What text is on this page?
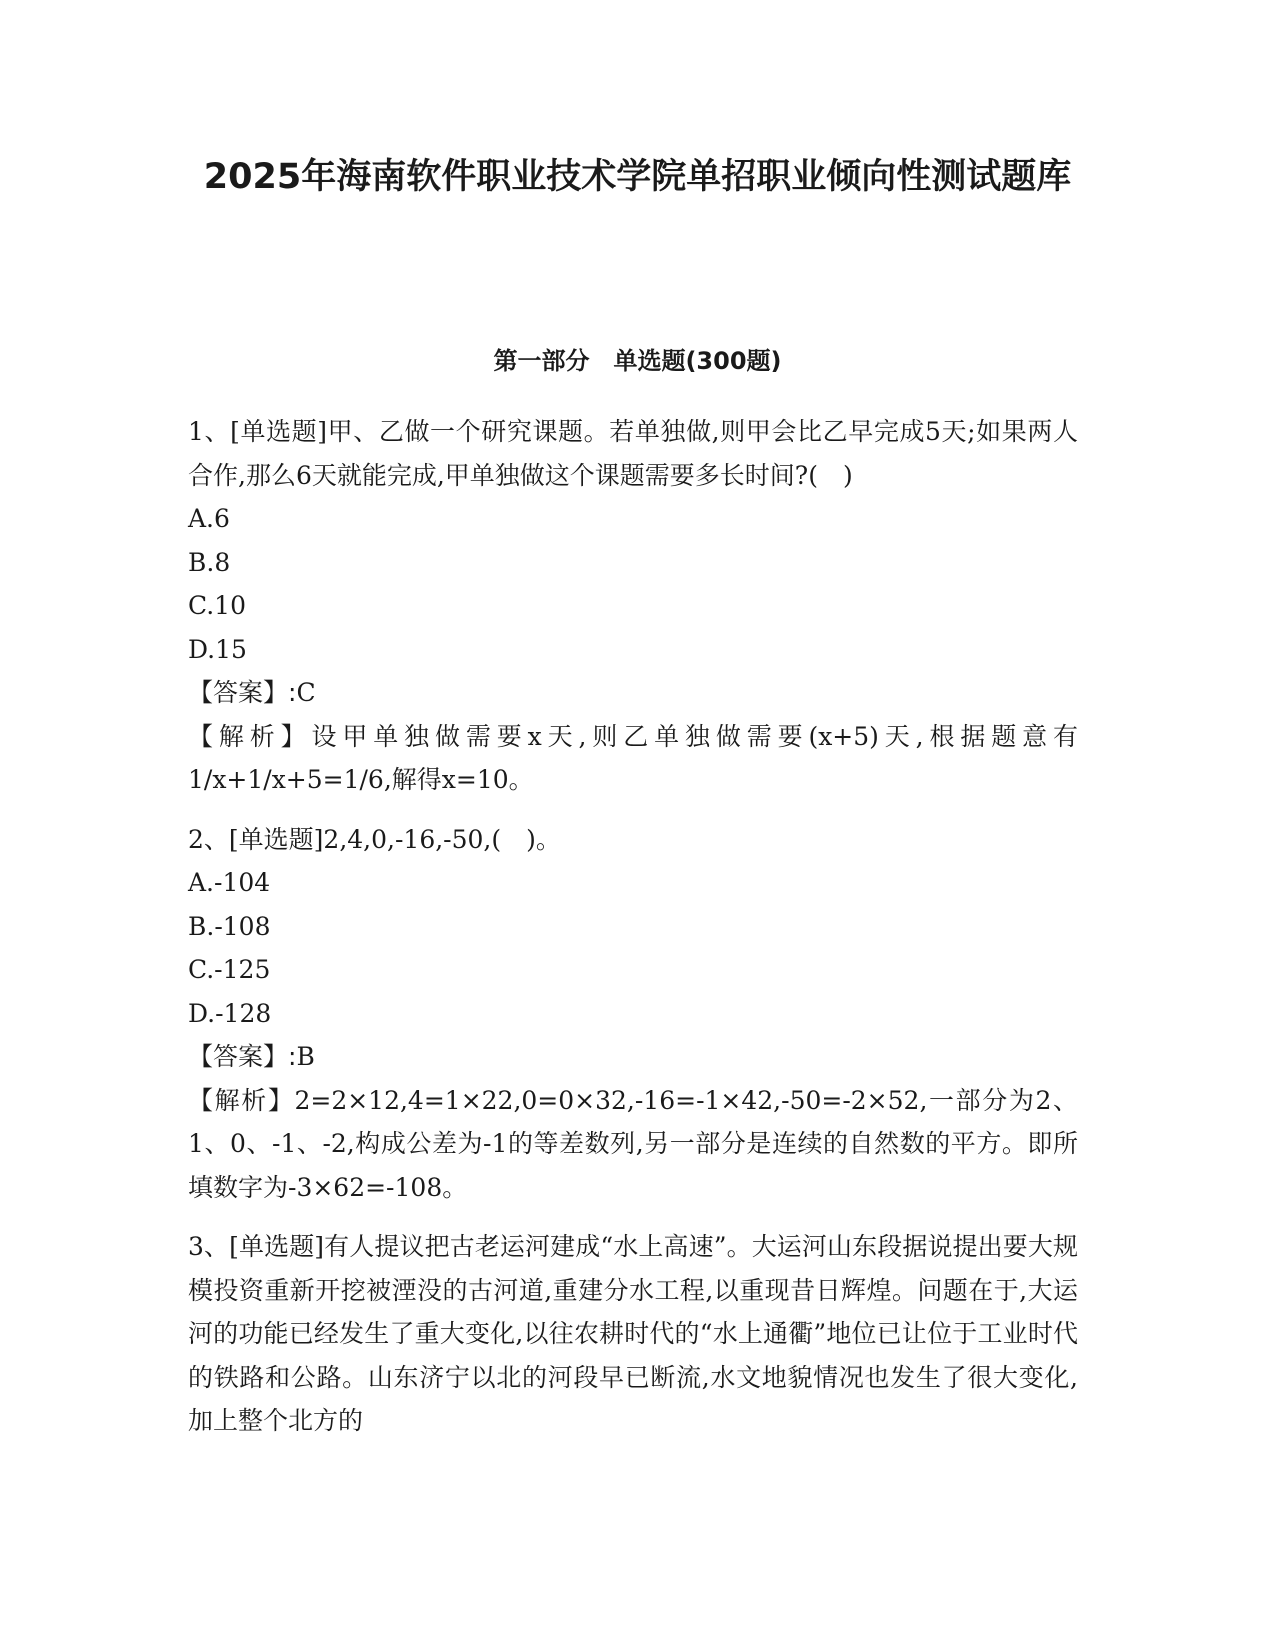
2025年海南软件职业技术学院单招职业倾向性测试题库
第一部分　单选题(300题)
1、[单选题]甲、乙做一个研究课题。若单独做,则甲会比乙早完成5天;如果两人合作,那么6天就能完成,甲单独做这个课题需要多长时间?(　)
A.6
B.8
C.10
D.15
【答案】:C
【解析】设甲单独做需要x天,则乙单独做需要(x+5)天,根据题意有1/x+1/x+5=1/6,解得x=10。
2、[单选题]2,4,0,-16,-50,(　)。
A.-104
B.-108
C.-125
D.-128
【答案】:B
【解析】2=2×12,4=1×22,0=0×32,-16=-1×42,-50=-2×52,一部分为2、1、0、-1、-2,构成公差为-1的等差数列,另一部分是连续的自然数的平方。即所填数字为-3×62=-108。
3、[单选题]有人提议把古老运河建成“水上高速”。大运河山东段据说提出要大规模投资重新开挖被湮没的古河道,重建分水工程,以重现昔日辉煌。问题在于,大运河的功能已经发生了重大变化,以往农耕时代的“水上通衢”地位已让位于工业时代的铁路和公路。山东济宁以北的河段早已断流,水文地貌情况也发生了很大变化,加上整个北方的
